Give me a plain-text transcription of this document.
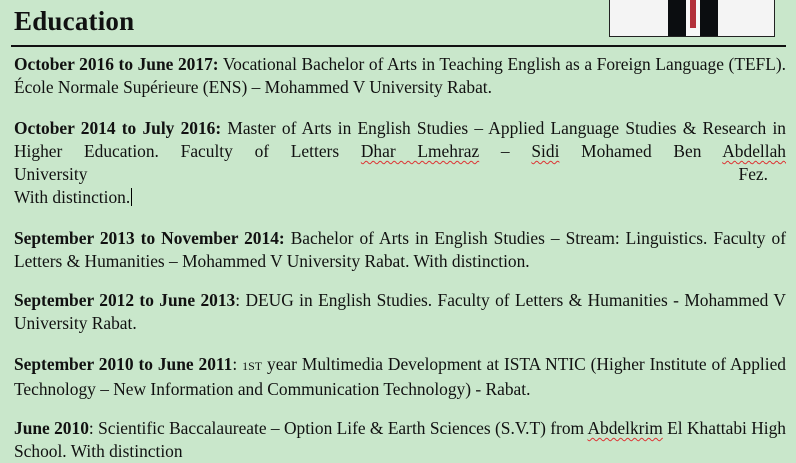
Education

October 2016 to June 2017: Vocational Bachelor of Arts in Teaching English as a Foreign Language (TEFL). École Normale Supérieure (ENS) – Mohammed V University Rabat.

October 2014 to July 2016: Master of Arts in English Studies – Applied Language Studies & Research in Higher Education. Faculty of Letters Dhar Lmehraz – Sidi Mohamed Ben Abdellah
University	Fez.
With distinction.

September 2013 to November 2014: Bachelor of Arts in English Studies – Stream: Linguistics. Faculty of Letters & Humanities – Mohammed V University Rabat. With distinction.

September 2012 to June 2013: DEUG in English Studies. Faculty of Letters & Humanities - Mohammed V University Rabat.

September 2010 to June 2011: 1ST year Multimedia Development at ISTA NTIC (Higher Institute of Applied Technology – New Information and Communication Technology) - Rabat.

June 2010: Scientific Baccalaureate – Option Life & Earth Sciences (S.V.T) from Abdelkrim El Khattabi High School. With distinction
